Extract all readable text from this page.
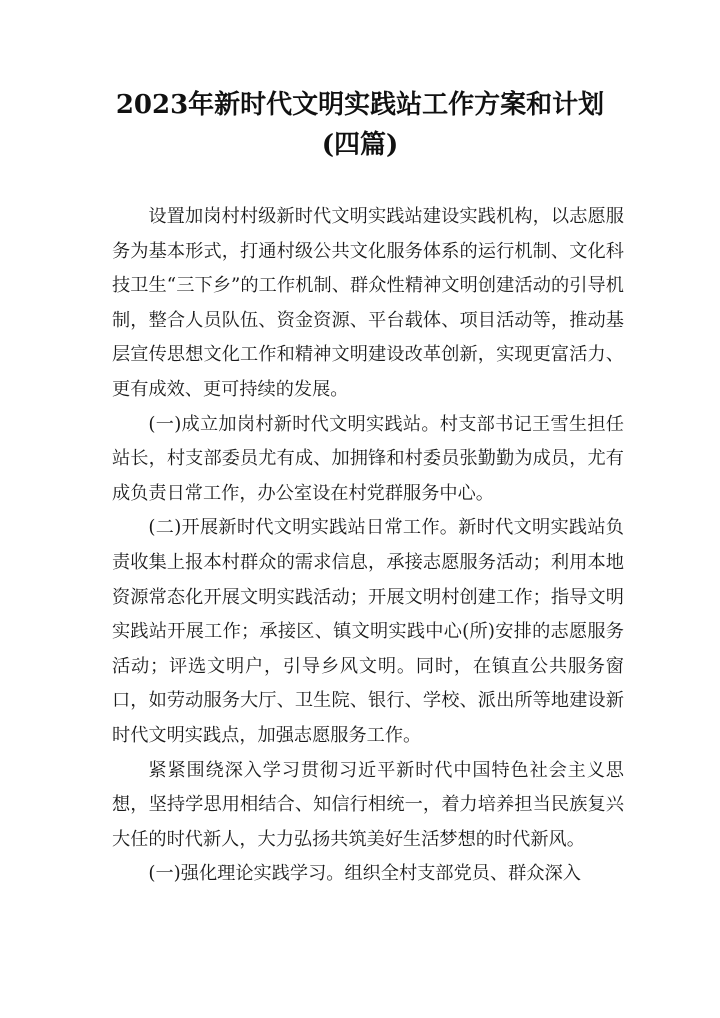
2023年新时代文明实践站工作方案和计划
(四篇)

设置加岗村村级新时代文明实践站建设实践机构，以志愿服务为基本形式，打通村级公共文化服务体系的运行机制、文化科技卫生“三下乡”的工作机制、群众性精神文明创建活动的引导机制，整合人员队伍、资金资源、平台载体、项目活动等，推动基层宣传思想文化工作和精神文明建设改革创新，实现更富活力、更有成效、更可持续的发展。

(一)成立加岗村新时代文明实践站。村支部书记王雪生担任站长，村支部委员尤有成、加拥锋和村委员张勤勤为成员，尤有成负责日常工作，办公室设在村党群服务中心。

(二)开展新时代文明实践站日常工作。新时代文明实践站负责收集上报本村群众的需求信息，承接志愿服务活动；利用本地资源常态化开展文明实践活动；开展文明村创建工作；指导文明实践站开展工作；承接区、镇文明实践中心(所)安排的志愿服务活动；评选文明户，引导乡风文明。同时，在镇直公共服务窗口，如劳动服务大厅、卫生院、银行、学校、派出所等地建设新时代文明实践点，加强志愿服务工作。

紧紧围绕深入学习贯彻习近平新时代中国特色社会主义思想，坚持学思用相结合、知信行相统一，着力培养担当民族复兴大任的时代新人，大力弘扬共筑美好生活梦想的时代新风。

(一)强化理论实践学习。组织全村支部党员、群众深入
